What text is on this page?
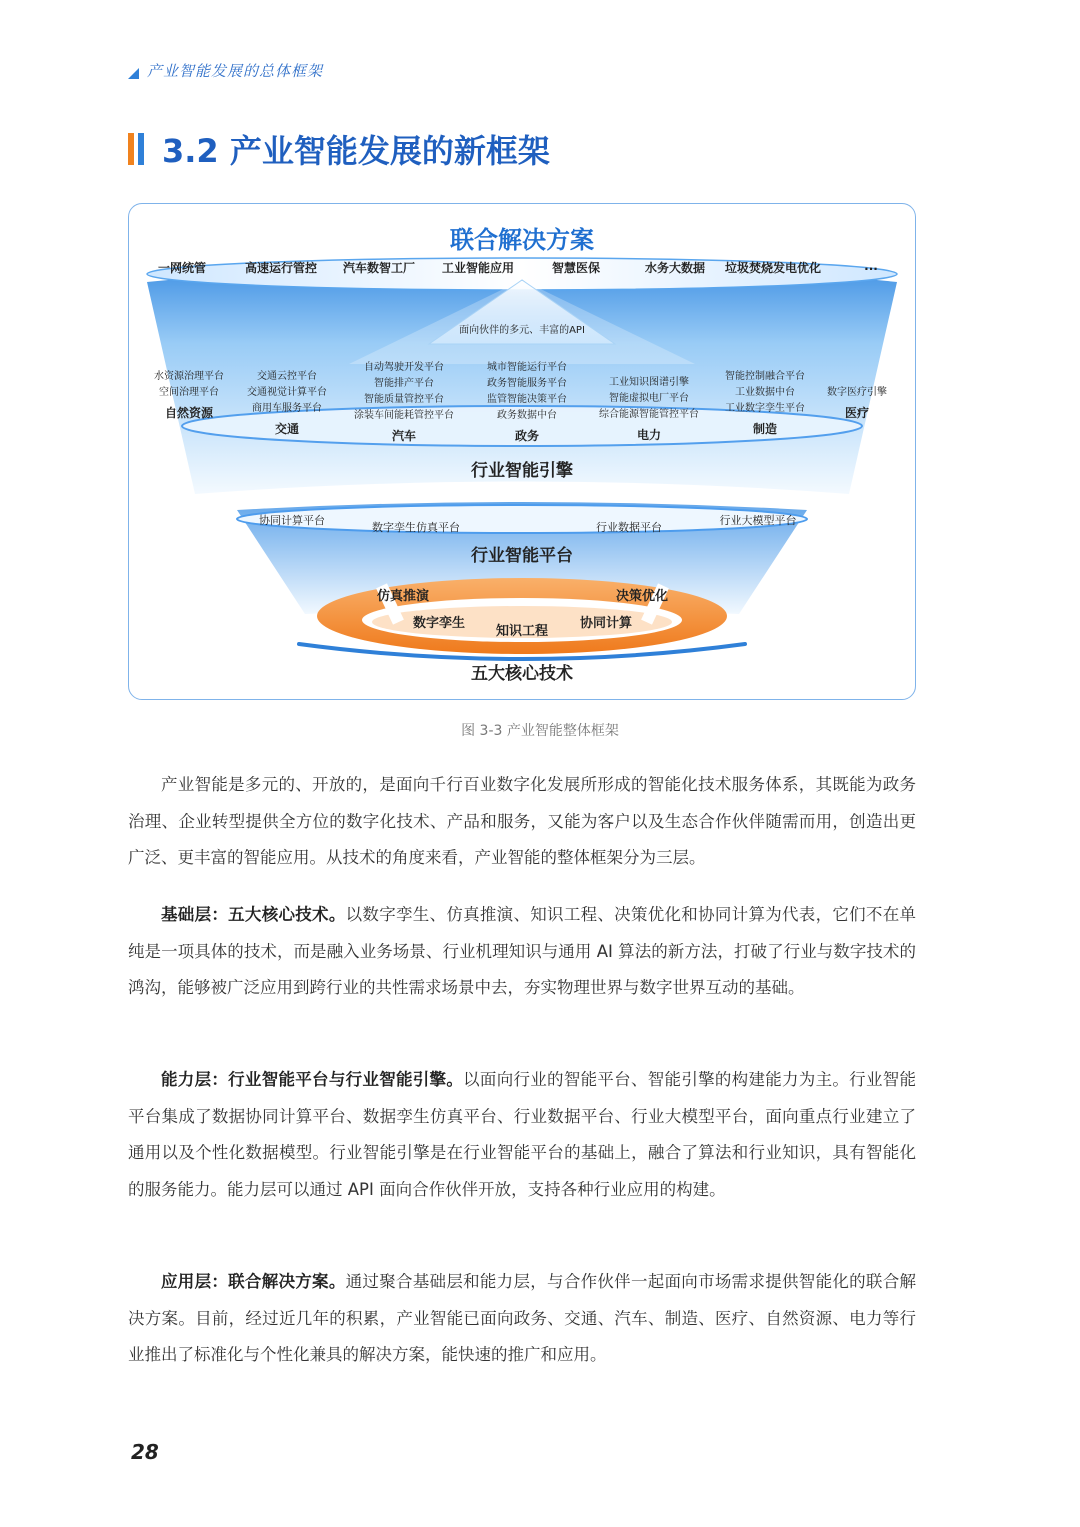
产业智能发展的总体框架
3.2 产业智能发展的新框架
联合解决方案
一网统管	高速运行管控 汽车数智工厂 工业智能应用	智慧医保	水务大数据 垃圾焚烧发电优化	...
面向伙伴的多元、丰富的API
水资源治理平台
空间治理平台
自然资源
交通云控平台
交通视觉计算平台
商用车服务平台
交通
自动驾驶开发平台
智能排产平台
智能质量管控平台
涂装车间能耗管控平台
汽车
城市智能运行平台
政务智能服务平台
监管智能决策平台
政务数据中台
政务
工业知识图谱引擎
智能虚拟电厂平台
综合能源智能管控平台
电力
智能控制融合平台
工业数据中台
工业数字孪生平台
制造
数字医疗引擎
医疗
行业智能引擎
协同计算平台
数字孪生仿真平台	行业数据平台
行业大模型平台
行业智能平台
仿真推演	决策优化
数字孪生
知识工程
协同计算
五大核心技术
图 3-3 产业智能整体框架

产业智能是多元的、开放的，是面向千行百业数字化发展所形成的智能化技术服务体系，其既能为政务治理、企业转型提供全方位的数字化技术、产品和服务，又能为客户以及生态合作伙伴随需而用，创造出更广泛、更丰富的智能应用。从技术的角度来看，产业智能的整体框架分为三层。

基础层：五大核心技术。以数字孪生、仿真推演、知识工程、决策优化和协同计算为代表，它们不在单纯是一项具体的技术，而是融入业务场景、行业机理知识与通用 AI 算法的新方法，打破了行业与数字技术的鸿沟，能够被广泛应用到跨行业的共性需求场景中去，夯实物理世界与数字世界互动的基础。

能力层：行业智能平台与行业智能引擎。以面向行业的智能平台、智能引擎的构建能力为主。行业智能平台集成了数据协同计算平台、数据孪生仿真平台、行业数据平台、行业大模型平台，面向重点行业建立了通用以及个性化数据模型。行业智能引擎是在行业智能平台的基础上，融合了算法和行业知识，具有智能化的服务能力。能力层可以通过 API 面向合作伙伴开放，支持各种行业应用的构建。

应用层：联合解决方案。通过聚合基础层和能力层，与合作伙伴一起面向市场需求提供智能化的联合解决方案。目前，经过近几年的积累，产业智能已面向政务、交通、汽车、制造、医疗、自然资源、电力等行业推出了标准化与个性化兼具的解决方案，能快速的推广和应用。

28
